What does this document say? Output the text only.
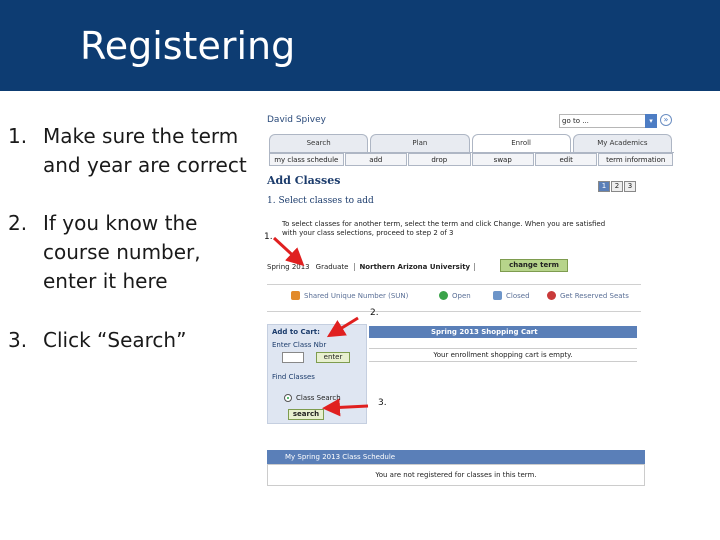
Registering
1. Make sure the term and year are correct
2. If you know the course number, enter it here
3. Click “Search”
David Spivey	go to ...	▾	»
Search	Plan	Enroll	My Academics
my class schedule	add	drop	swap	edit	term information
Add Classes	1	2	3
1. Select classes to add
To select classes for another term, select the term and click Change. When you are satisfied with your class selections, proceed to step 2 of 3
Spring 2013 Graduate	Northern Arizona University	change term
Shared Unique Number (SUN)	Open	Closed	Get Reserved Seats
Add to Cart:
Enter Class Nbr
enter
Find Classes
Class Search
search
Spring 2013 Shopping Cart
Your enrollment shopping cart is empty.
My Spring 2013 Class Schedule
You are not registered for classes in this term.
1.
2.
3.
